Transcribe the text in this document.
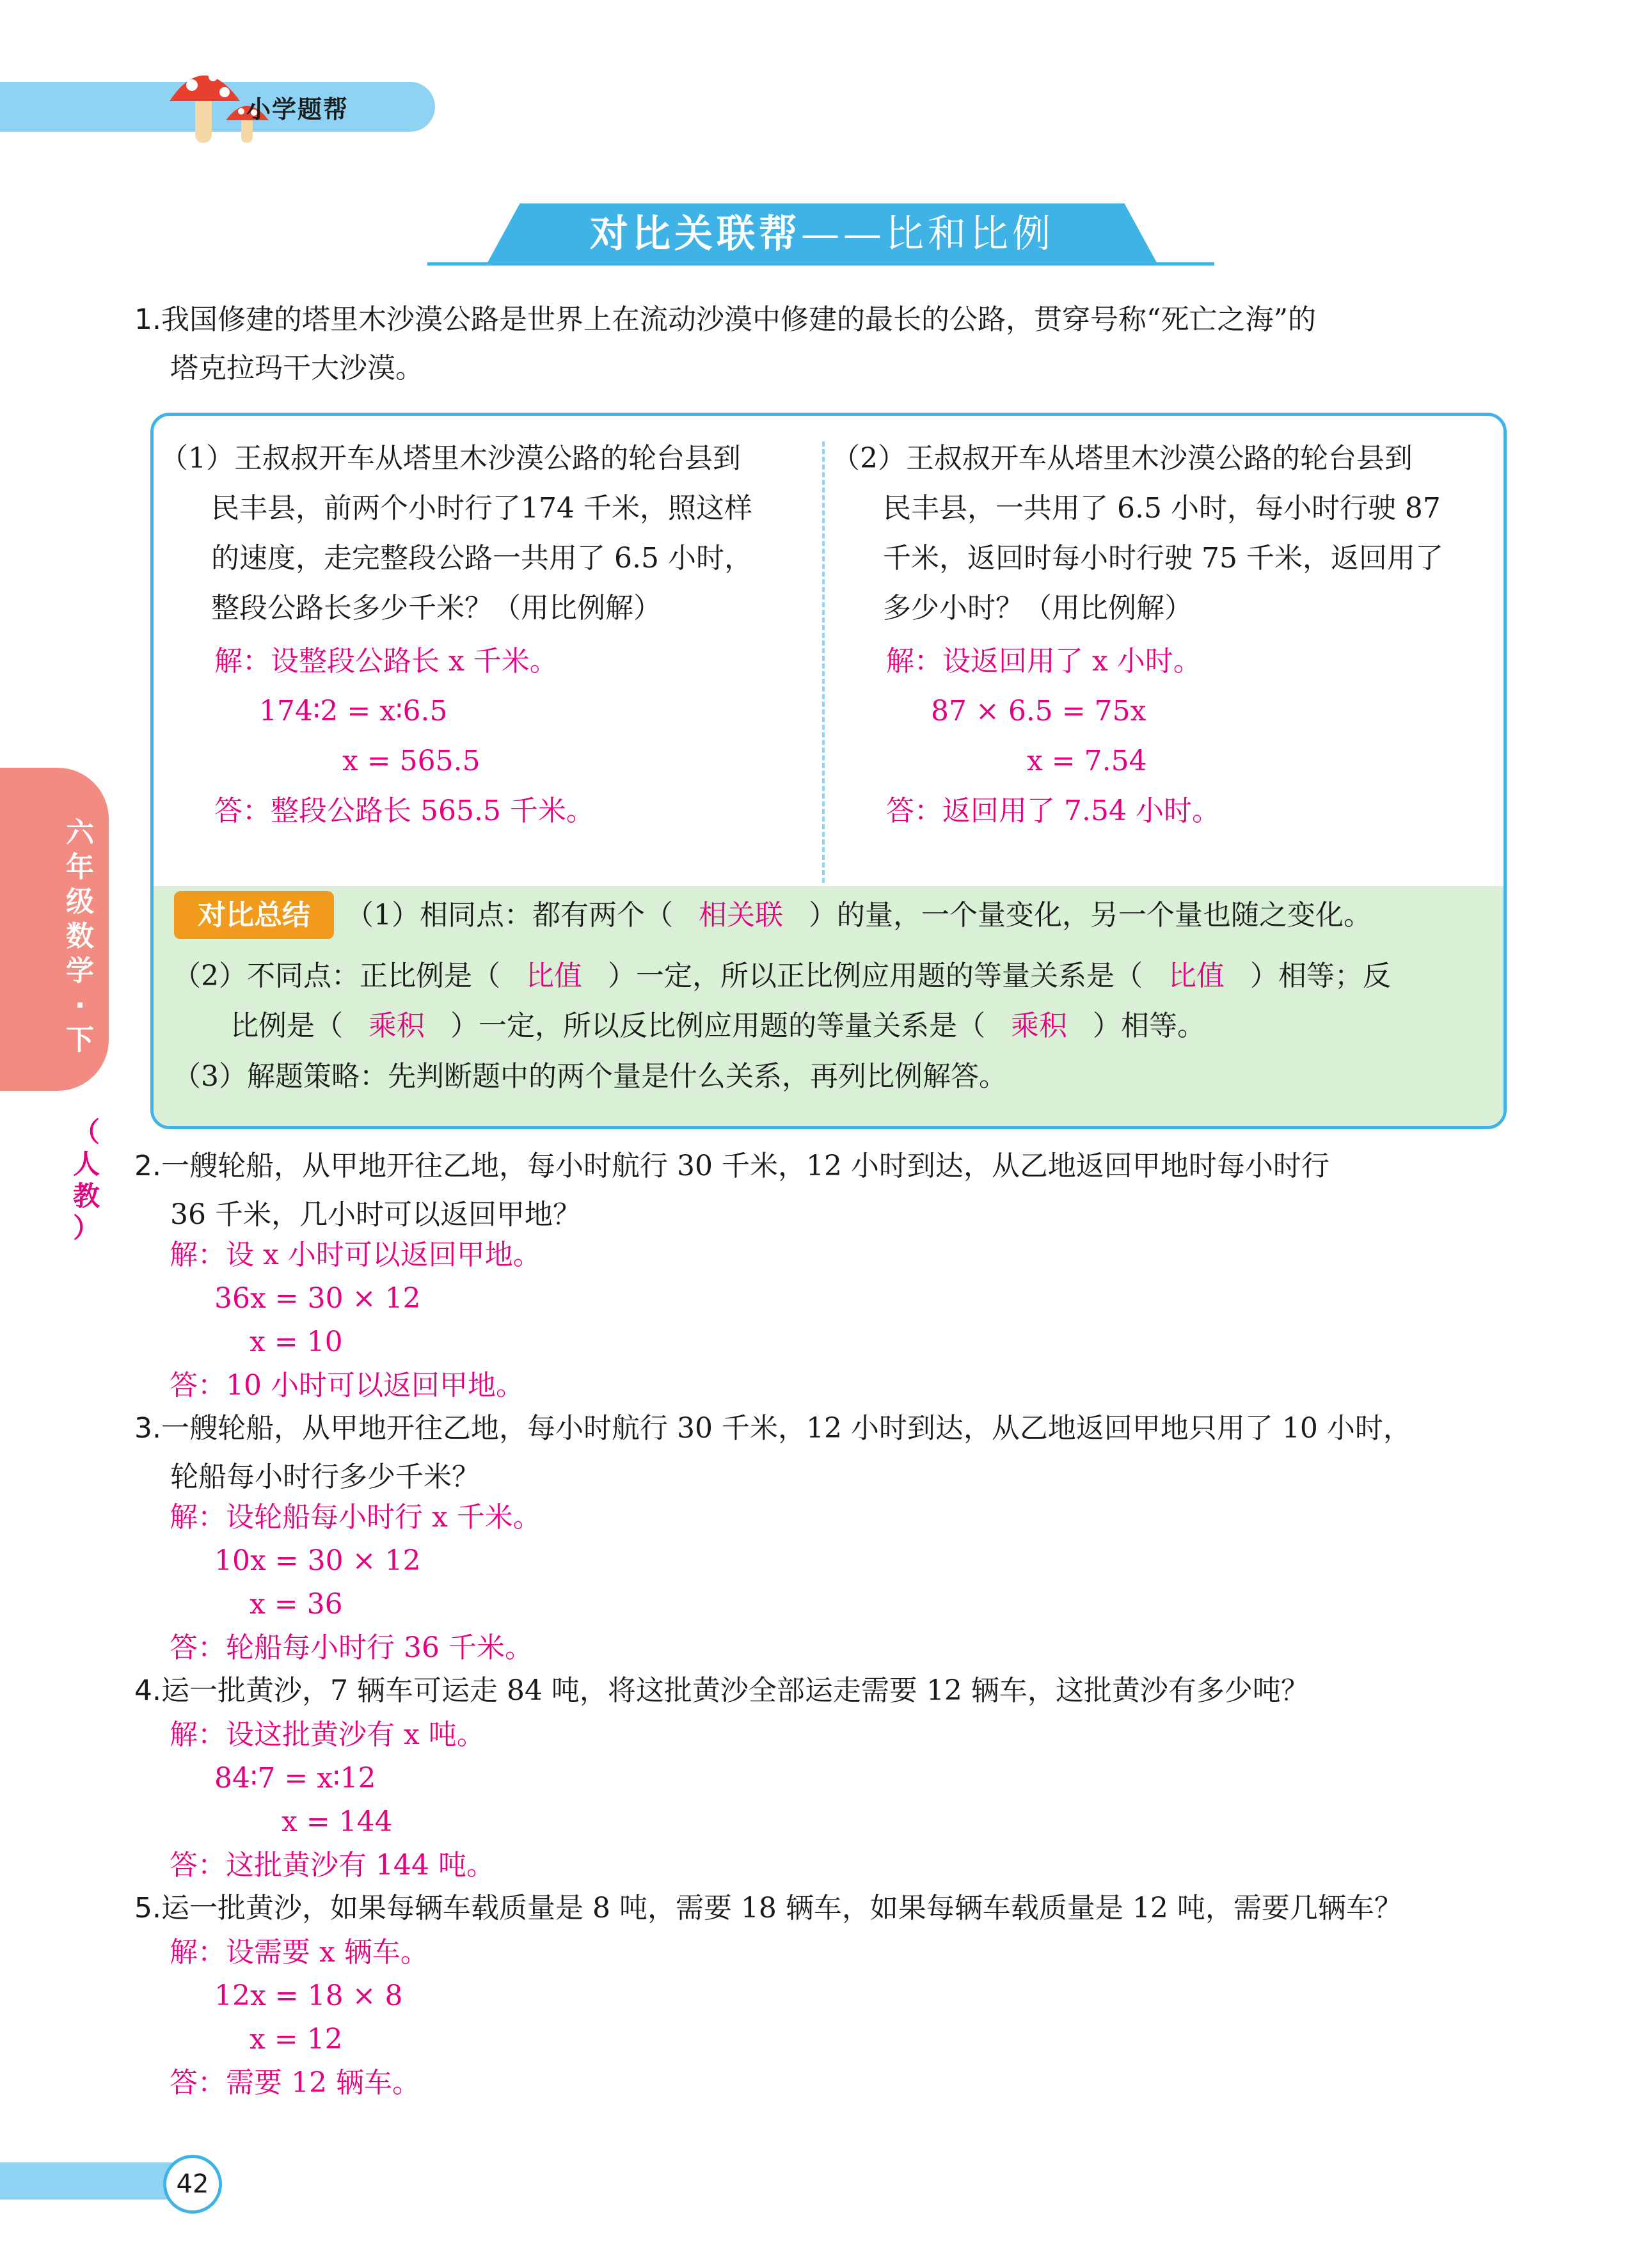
小学题帮
对比关联帮——比和比例
六
年
级
数
学
·
下
（
人
教
）
1.我国修建的塔里木沙漠公路是世界上在流动沙漠中修建的最长的公路，贯穿号称“死亡之海”的
塔克拉玛干大沙漠。
（1）王叔叔开车从塔里木沙漠公路的轮台县到
民丰县，前两个小时行了174 千米，照这样
的速度，走完整段公路一共用了 6.5 小时，
整段公路长多少千米？（用比例解）
解：设整段公路长 x 千米。
174∶2 = x∶6.5
x = 565.5
答：整段公路长 565.5 千米。
（2）王叔叔开车从塔里木沙漠公路的轮台县到
民丰县，一共用了 6.5 小时，每小时行驶 87
千米，返回时每小时行驶 75 千米，返回用了
多少小时？（用比例解）
解：设返回用了 x 小时。
87 × 6.5 = 75x
x = 7.54
答：返回用了 7.54 小时。
对比总结	（1）相同点：都有两个（ 相关联 ）的量，一个量变化，另一个量也随之变化。
（2）不同点：正比例是（ 比值 ）一定，所以正比例应用题的等量关系是（ 比值 ）相等；反
比例是（ 乘积 ）一定，所以反比例应用题的等量关系是（ 乘积 ）相等。
（3）解题策略：先判断题中的两个量是什么关系，再列比例解答。
2.一艘轮船，从甲地开往乙地，每小时航行 30 千米，12 小时到达，从乙地返回甲地时每小时行
36 千米，几小时可以返回甲地？
解：设 x 小时可以返回甲地。
36x = 30 × 12
x = 10
答：10 小时可以返回甲地。
3.一艘轮船，从甲地开往乙地，每小时航行 30 千米，12 小时到达，从乙地返回甲地只用了 10 小时，
轮船每小时行多少千米？
解：设轮船每小时行 x 千米。
10x = 30 × 12
x = 36
答：轮船每小时行 36 千米。
4.运一批黄沙，7 辆车可运走 84 吨，将这批黄沙全部运走需要 12 辆车，这批黄沙有多少吨？
解：设这批黄沙有 x 吨。
84∶7 = x∶12
x = 144
答：这批黄沙有 144 吨。
5.运一批黄沙，如果每辆车载质量是 8 吨，需要 18 辆车，如果每辆车载质量是 12 吨，需要几辆车？
解：设需要 x 辆车。
12x = 18 × 8
x = 12
答：需要 12 辆车。
42
